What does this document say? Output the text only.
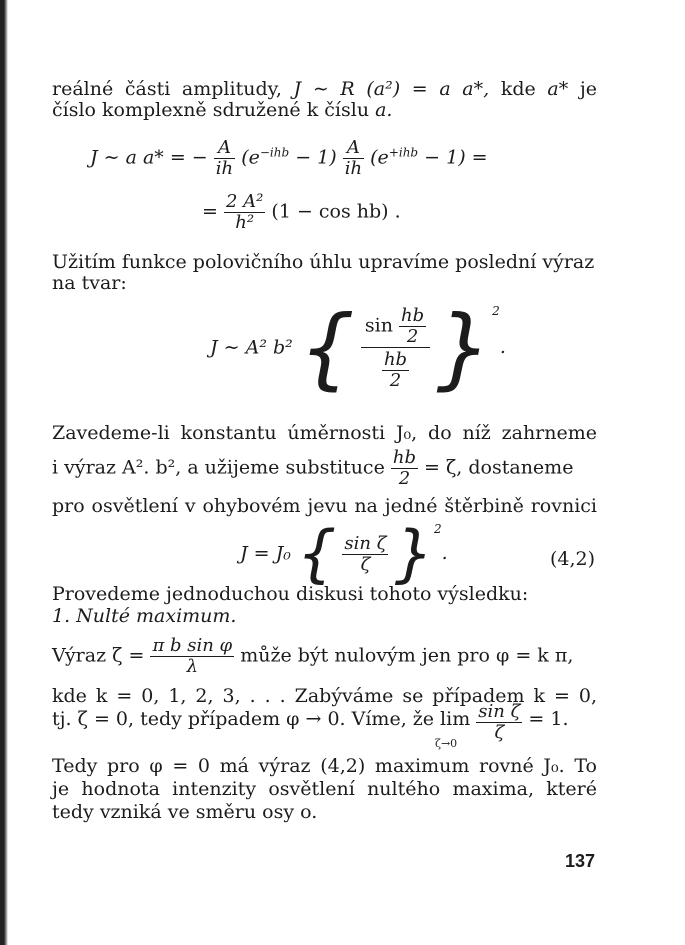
reálné části amplitudy, J ∼ R (a²) = a a*, kde a* je
číslo komplexně sdružené k číslu a.
J ∼ a a* = − $\frac{A}{ih} (e^{-ihb} - 1) \frac{A}{ih} (e^{+ihb} - 1)$ =
= $\frac{\text{2 A²}}{\text{h²}} (1 - \cos hb)$ .
Užitím funkce polovičního úhlu upravíme poslední výraz
na tvar:
J ∼ A² b² { $\frac{\sin \frac{hb}{2}}{\frac{hb}{2}} \}^2$.
Zavedeme-li konstantu úměrnosti J₀, do níž zahrneme
i výraz A². b², a užijeme substituce $\frac{hb}{2} = \zeta$, dostaneme
pro osvětlení v ohybovém jevu na jedné štěrbině rovnici
J = J₀ { $\frac{\text{sin ζ}}{\zeta} \}^2$.	(4,2)
Provedeme jednoduchou diskusi tohoto výsledku:
1. Nulté maximum.
Výraz $\zeta = \frac{\text{π b sin φ}}{\lambda}$ může být nulovým jen pro φ = k π,
kde k = 0, 1, 2, 3, . . . Zabýváme se případem k = 0,
tj. ζ = 0, tedy případem φ → 0. Víme, že $\lim \frac{\text{sin ζ}}{\zeta} = 1$.
ζ→0
Tedy pro φ = 0 má výraz (4,2) maximum rovné J₀. To
je hodnota intenzity osvětlení nultého maxima, které
tedy vzniká ve směru osy o.
137
